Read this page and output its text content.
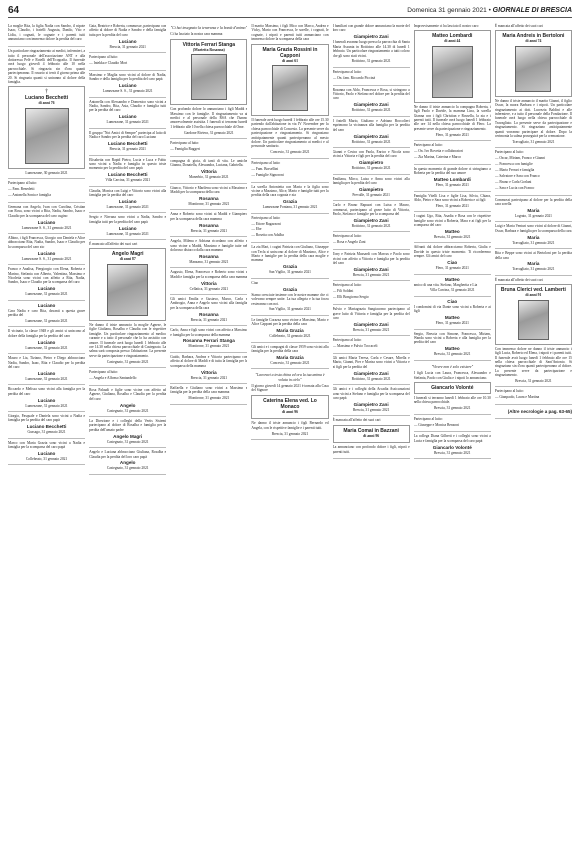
64	Domenica 31 gennaio 2021 • GIORNALE DI BRESCIA

La moglie Rita, la figlia Nadia con Sandro, il nipote Isaac, Claudio, i fratelli Augusta, Danilo, Vito e Lidia, i cognati, le cognate e i parenti tutti annunciano con immenso dolore la perdita del caro

Un particolare ringraziamento ai medici, infermieri, a tutto il personale dell'associazione ANT e alla dottoressa Pelè e Rotelli dell'Ecografia. Il funerale avrà luogo giovedì 4 febbraio alle 10 nella parrocchiale. Si ringrazia sin d'ora quanti parteciperanno. Il rosario si terrà il giorno prima alle 20. Si ringrazia quanti si uniranno al dolore della famiglia.

†
Luciano Becchetti
di anni 76
Lumezzane, 30 gennaio 2021

Partecipano al lutto:

— Fam. Benedetti

— Antonella Sonia e famiglia

Germana con Angelo, Ivan con Carolina, Cristian con Rosa, sono vicini a Rita, Nadia, Sandro, Isaac e Claudio per la scomparsa del caro cugino

Luciano
Lumezzane S. S., 31 gennaio 2021

Albino, i figli Francesca, Giorgio con Daniela e Alice abbracciano Rita, Nadia, Sandro, Isaac e Claudio per la scomparsa del caro zio

Luciano
Lumezzane S. S., 31 gennaio 2021

Franco e Analisa, Piergiorgio con Elena, Roberta e Marino, Stefania con Alberto, Valentina, Massimo e Nicoletta sono vicini con affetto a Rita, Nadia, Sandro, Isaac e Claudio per la scomparsa del caro

Luciano
Lumezzane, 31 gennaio 2021
Luciano

Cara Nadia e caro Rita, davanti a questa grave perdita del

Lumezzane, 31 gennaio 2021

Il vicinato, la classe 1948 e gli amici si uniscono al dolore della famiglia per la perdita del caro

Luciano
Lumezzane, 31 gennaio 2021

Mauro e Lia, Tiziano, Pietro e Diego abbracciano Nadia, Sandro, Isaac, Rita e Claudio per la perdita del caro

Luciano
Lumezzane, 31 gennaio 2021

Riccardo e Melissa sono vicini alla famiglia per la perdita del caro

Luciano
Lumezzane, 31 gennaio 2021

Giorgio, Pasquale e Daniela sono vicini a Nadia e famiglia per la perdita del caro papà

Luciano Becchetti
Gussago, 31 gennaio 2021

Marco con Maria Grazia sono vicini a Nadia e famiglia per la scomparsa del caro papà

Luciano
Collebeato, 31 gennaio 2021

Gaia, Beatrice e Roberta, commosse, partecipano con affetto al dolore di Nadia e Sandro e della famiglia tutta per la perdita del caro

Luciano
Brescia, 31 gennaio 2021

Partecipano al lutto:

— Intekka e Claudio Mori

Massimo e Maglia sono vicini al dolore di Nadia, Sandro e della famiglia per la perdita del caro papà

Luciano
Lumezzane S. S., 31 gennaio 2021

Antonella con Alessandro e Domenico sono vicini a Nadia, Sandro, Rita, Asia, Claudio e famiglia tutti per la perdita del caro

Luciano
Lumezzane, 31 gennaio 2021

Il gruppo "Noi Amici di Sempre" partecipa al lutto di Nadia e Sandro per la perdita del caro Luciano

Luciano Becchetti
Brescia, 31 gennaio 2021

Elisabetta con Rapid Pietro, Lucia e Luca e Fabio sono vicini a Nadia e famiglia in questo triste momento per la perdita del caro papà

Luciano Becchetti
Villa Carcina, 31 gennaio 2021

Claudia, Monica con Luigi e Vittorio sono vicini alla famiglia per la perdita del caro

Luciano
Lumezzane, 31 gennaio 2021

Sergio e Nirvana sono vicini a Nadia, Sandro e famiglia tutti per la perdita del caro papà

Luciano
Lumezzane, 31 gennaio 2021

È mancato all'affetto dei suoi cari

Angelo Magri
di anni 87

Ne danno il triste annuncio la moglie Agnese, le figlie Giuliana, Rosalba e Claudia con le rispettive famiglie. Un particolare ringraziamento al medico curante e a tutto il personale che lo ha assistito con amore. Il funerale avrà luogo lunedì 1 febbraio alle ore 14.30 nella chiesa parrocchiale di Castegnato. La salma sarà composta presso l'abitazione. La presente serve da partecipazione e ringraziamento.

Castegnato, 31 gennaio 2021

Partecipano al lutto:

— Angela e Alfonso Santandello

Rosa Palaudi e figlie sono vicine con affetto ad Agnese, Giuliana, Rosalba e Claudia per la perdita del caro

Angelo
Castegnato, 31 gennaio 2021

La Direzione e i colleghi della Vertis Sistemi partecipano al dolore di Rosalba e famiglia per la perdita dell'amato padre

Angelo Magri
Castegnato, 31 gennaio 2021

Angelo e Luciana abbracciano Giuliana, Rosalba e Claudia per la perdita del loro caro papà

Angelo
Castegnato, 31 gennaio 2021
"Ci hai insegnato la tenerezza e la bontà d'animo"

Ci ha lasciato la nostra cara mamma

Vittoria Ferrari Stanga
(Marietta Rosanna)

Con profondo dolore lo annunciano i figli Maddi e Massimo con le famiglie. Il ringraziamento va ai medici e al personale della RSA che l'hanno amorevolmente assistita. I funerali si terranno lunedì 1 febbraio alle 10 nella chiesa parrocchiale di Ome.

Gardone Riviera, 31 gennaio 2021

Partecipano al lutto:

— Famiglia Ruggeri

compagna di gioia, di tanti di vita. Le amiche Gianna, Donatella, Alessandra, Luciana, Gabriella.

Vittoria
Manerbio, 31 gennaio 2021

Gianco, Vittorio e Marilena sono vicini a Massimo e Maddi per la scomparsa della cara

Rosanna
Montirone, 31 gennaio 2021

Anna e Roberto sono vicini ai Maddi e Giampiero per la scomparsa della cara mamma

Rosanna
Brescia, 31 gennaio 2021

Angela, Milena e Adriana ricordano con affetto e sono vicine a Maddi, Massimo e famiglie tutte nel doloroso distacco dalla cara mamma

Rosanna
Manzano, 31 gennaio 2021

Augusto, Elena, Francesco e Roberto sono vicini a Maddi e famiglia per la scomparsa della cara mamma

Vittoria
Cellatica, 31 gennaio 2021

Gli amici Emilia e Gustavo, Marco, Carla e Ambrogio, Anna e Angelo sono vicini alla famiglia per la scomparsa della cara

Rosanna
Brescia, 31 gennaio 2021

Carlo, Anna e figli sono vicini con affetto a Massimo e famiglia per la scomparsa della mamma

Rosanna Ferrari Stanga
Montirone, 31 gennaio 2021

Guido, Barbara, Andrea e Vittorio partecipano con affetto al dolore di Maddi e di tutta la famiglia per la scomparsa della mamma

Vittoria
Brescia, 31 gennaio 2021

Raffaella e Giuliano sono vicini a Massimo e famiglia per la perdita della cara mamma

Montirone, 31 gennaio 2021

Il marito Massimo, i figli Mico con Marco, Andrea e Vicky, Mario con Francesca, le sorelle, i cognati, le cognate, i nipoti e parenti tutti annunciano con immenso dolore la scomparsa della cara

Maria Grazia Rossini in Capponi
di anni 61

Il funerale avrà luogo lunedì 1 febbraio alle ore 15.30 partendo dall'abitazione in via IV Novembre per la chiesa parrocchiale di Concesio. La presente serve da partecipazione e ringraziamento. Si ringraziano anticipatamente quanti parteciperanno al mesto dolore. Un particolare ringraziamento ai medici e al personale sanitario.

Concesio, 31 gennaio 2021

Partecipano al lutto:

— Fam. Borsellini

— Famiglie Signoroni

La sorella Antonietta con Maria e la figlia sono vicine a Massimo, Alice, Mario e famiglie tutti per la perdita della cara cognata e zia

Grazia
Lumezzane Fontana, 31 gennaio 2021

Partecipano al lutto:

— Ettore Ragazzoni

— Ebe

— Rosetta con Adalba

La zia Mari, i cugini Patrizia con Giuliano, Giuseppe con Tecla si uniscono al dolore di Massimo, Alice e Mario e famiglie per la perdita della cara moglie e mamma

Grazia
San Vigilio, 31 gennaio 2021

Ciao

Grazia

Siamo cresciute insieme con le nostre mamme che ci volevano sempre unite. La tua allegria e la tua forza resteranno con noi.

San Vigilio, 31 gennaio 2021

Le famiglie Corazza sono vicine a Massimo, Mario e Alice Capponi per la perdita della cara

Maria Grazia
Collebeato, 31 gennaio 2021

Gli amici e i compagni di classe 1959 sono vicini alla famiglia per la perdita della cara

Maria Grazia
Concesio, 31 gennaio 2021
"Lavoravi a testa china ed ora la tua anima è volata in cielo"

Il giorno giovedì 14 gennaio 2021 è tornata alla Casa del Signore

Caterina Elena ved. Lo Monaco
di anni 96

Ne danno il triste annuncio i figli Bernardo ed Angela, con le rispettive famiglie e i parenti tutti.

Brescia, 31 gennaio 2021

I familiari con grande dolore annunciano la morte del loro caro

Giampietro Zani

I funerali avranno luogo presso la parrocchia di Santa Maria Assunta in Botticino alle 14.30 di lunedì 1 febbraio. Un particolare ringraziamento a tutti coloro che gli sono stati vicini.

Botticino, 31 gennaio 2021

Partecipano al lutto:

— On. fam. Riccardo Piccinà

Rosanna con Aldo, Francesca e Rosa, si stringono a Vittorio, Paolo e Stefano nel dolore per la perdita del caro

Giampietro Zani
Botticino, 31 gennaio 2021

I fratelli Mario, Giuliano e Adriano Boccolieri esprimono la vicinanza alla famiglia per la perdita del caro

Giampietro Zani
Botticino, 31 gennaio 2021

Gianni e Cesira con Paola, Enrico e Nicola sono vicini a Vittoria e figli per la perdita del caro

Giampietro
Botticino, 31 gennaio 2021

Emiliana, Mirco, Luisa e Anna sono vicini alla famiglia per la perdita del caro

Giampietro
Prevalle, 31 gennaio 2021

Carlo e Bruno Rapuzzi con Luisa e Mauro, commossi, partecipano al grave lutto di Vittoria, Paolo, Stefano e famiglie per la scomparsa del

Giampietro Zani
Botticino, 31 gennaio 2021

Partecipano al lutto:

— Rosa e Angelo Zani

Tony e Patrizia Mussardi con Marcus e Paolo sono vicini con affetto a Vittoria e famiglia per la perdita del caro

Giampietro Zani
Brescia, 31 gennaio 2021

Partecipano al lutto:

— Fili Soldini

— Elli Bongiorno Sergio

Fulvio e Mariagrazia Sangiacomo partecipano al grave lutto di Vittoria e famiglia per la perdita del caro

Giampietro Zani
Brescia, 31 gennaio 2021

Partecipano al lutto:

— Massimo e Fulvio Toccaceli

Gli amici Maria Teresa, Carla e Cesare, Mirella e Mario, Gianni, Pier e Marisa sono vicini a Vittoria e ai figli per la perdita del

Giampietro Zani
Botticino, 31 gennaio 2021

Gli amici e i colleghi della Arcadia Assicurazioni sono vicini a Stefano e famiglia per la scomparsa del caro papà

Giampietro Zani
Brescia, 31 gennaio 2021

È mancata all'affetto dei suoi cari

Maria Comai in Bazzani
di anni 96

La annunciano con profondo dolore i figli, nipoti e parenti tutti.

Improvvisamente ci ha lasciato il nostro caro

Matteo Lombardi
di anni 44

Ne danno il triste annuncio la compagna Roberta, i figli Paolo e Davide, la mamma Lina, la sorella Gianna con i figli Christian e Rossella, la zia e i parenti tutti. Il funerale avrà luogo lunedì 1 febbraio alle ore 14 nella chiesa parrocchiale di Flero. La presente serve da partecipazione e ringraziamento.

Flero, 31 gennaio 2021

Partecipano al lutto:

— On. Ivo Rovetta e collaboratori

— Zia Marina, Caterina e Marco

In questo momento di grande dolore ci stringiamo a Roberta per la perdita del suo amore

Matteo Lombardi
Flero, 31 gennaio 2021

Famiglia Vitelli Lisa e figlie Lisa, Silvia, Chiara, Aldo, Pietro e Sara sono vicini a Roberta e ai figli

Flero, 31 gennaio 2021

I cugini Ugo, Rita, Asadia e Rosa con le rispettive famiglie sono vicini a Roberta, Mara e ai figli per la scomparsa del caro

Matteo
Brescia, 31 gennaio 2021

Affranti dal dolore abbracciamo Roberta, Giulia e Davide in questo triste momento. Ti ricorderemo sempre. Gli amici del caro

Ciao
Flero, 31 gennaio 2021
Matteo

amico di una vita. Stefano, Margherita e Lia

Villa Carcina, 31 gennaio 2021
Ciao

I condomini di via Dante sono vicini a Roberta e ai figli

Matteo
Flero, 31 gennaio 2021

Sergio, Brescia con Simone, Francesca, Miriam, Wanda sono vicini a Roberta e alla famiglia per la perdita del caro

Matteo
Brescia, 31 gennaio 2021
"Vivere non è solo esistere"

I figli Lucia con Laura, Francesca, Alessandro e Stefania, Paolo con Giulia e i nipoti lo annunciano.

Giancarlo Volonté

I funerali si terranno lunedì 1 febbraio alle ore 10.30 nella chiesa parrocchiale.

Brescia, 31 gennaio 2021

Partecipano al lutto:

— Giuseppe e Monica Benzoni

La collega Diana Gilberti e i colleghi sono vicini a Lucia e famiglia per la scomparsa del caro papà

Giancarlo Volonté
Brescia, 31 gennaio 2021

È mancata all'affetto dei suoi cari

Maria Andreis in Bertoloni
di anni 74

Ne danno il triste annuncio il marito Gianni, il figlio Oscar, la nuora Barbara e i nipoti. Un particolare ringraziamento ai dott. Lucrezia Baldini e alle infermiere, e a tutto il personale della Fondazione. Il funerale avrà luogo nella chiesa parrocchiale di Travagliato. La presente serve da partecipazione e ringraziamento. Si ringraziano anticipatamente quanti vorranno partecipare al dolore. Dopo la cerimonia la salma proseguirà per la cremazione.

Travagliato, 31 gennaio 2021

Partecipano al lutto:

— Oscar, Miriam, Franco e Gianni

— Francesca con famiglie

— Mario Ferrari e famiglia

— Salvatore e Sara con Franco

— Bruno e Carla Gorlani

— Sara e Lucia con Franco

Commossi partecipano al dolore per la perdita della cara sorella

Maria
Lograto, 31 gennaio 2021

Luigi e Maria Venturi sono vicini al dolore di Gianni, Oscar, Barbara e famiglia per la scomparsa della cara

Maria
Travagliato, 31 gennaio 2021

Rita e Beppe sono vicini ai Bertoloni per la perdita della cara

Maria
Travagliato, 31 gennaio 2021

È mancata all'affetto dei suoi cari

Bruna Clerici ved. Lamberti
di anni 91

Con immenso dolore ne danno il triste annuncio i figli Lucia, Roberto ed Elena, i nipoti e i parenti tutti. Il funerale avrà luogo lunedì 1 febbraio alle ore 15 nella chiesa parrocchiale di Sant'Antonio. Si ringraziano sin d'ora quanti parteciperanno al dolore. La presente serve da partecipazione e ringraziamento.

Brescia, 31 gennaio 2021

Partecipano al lutto:

— Gianpaolo, Laura e Martina

(Altre necrologie a pag. 63-65)
